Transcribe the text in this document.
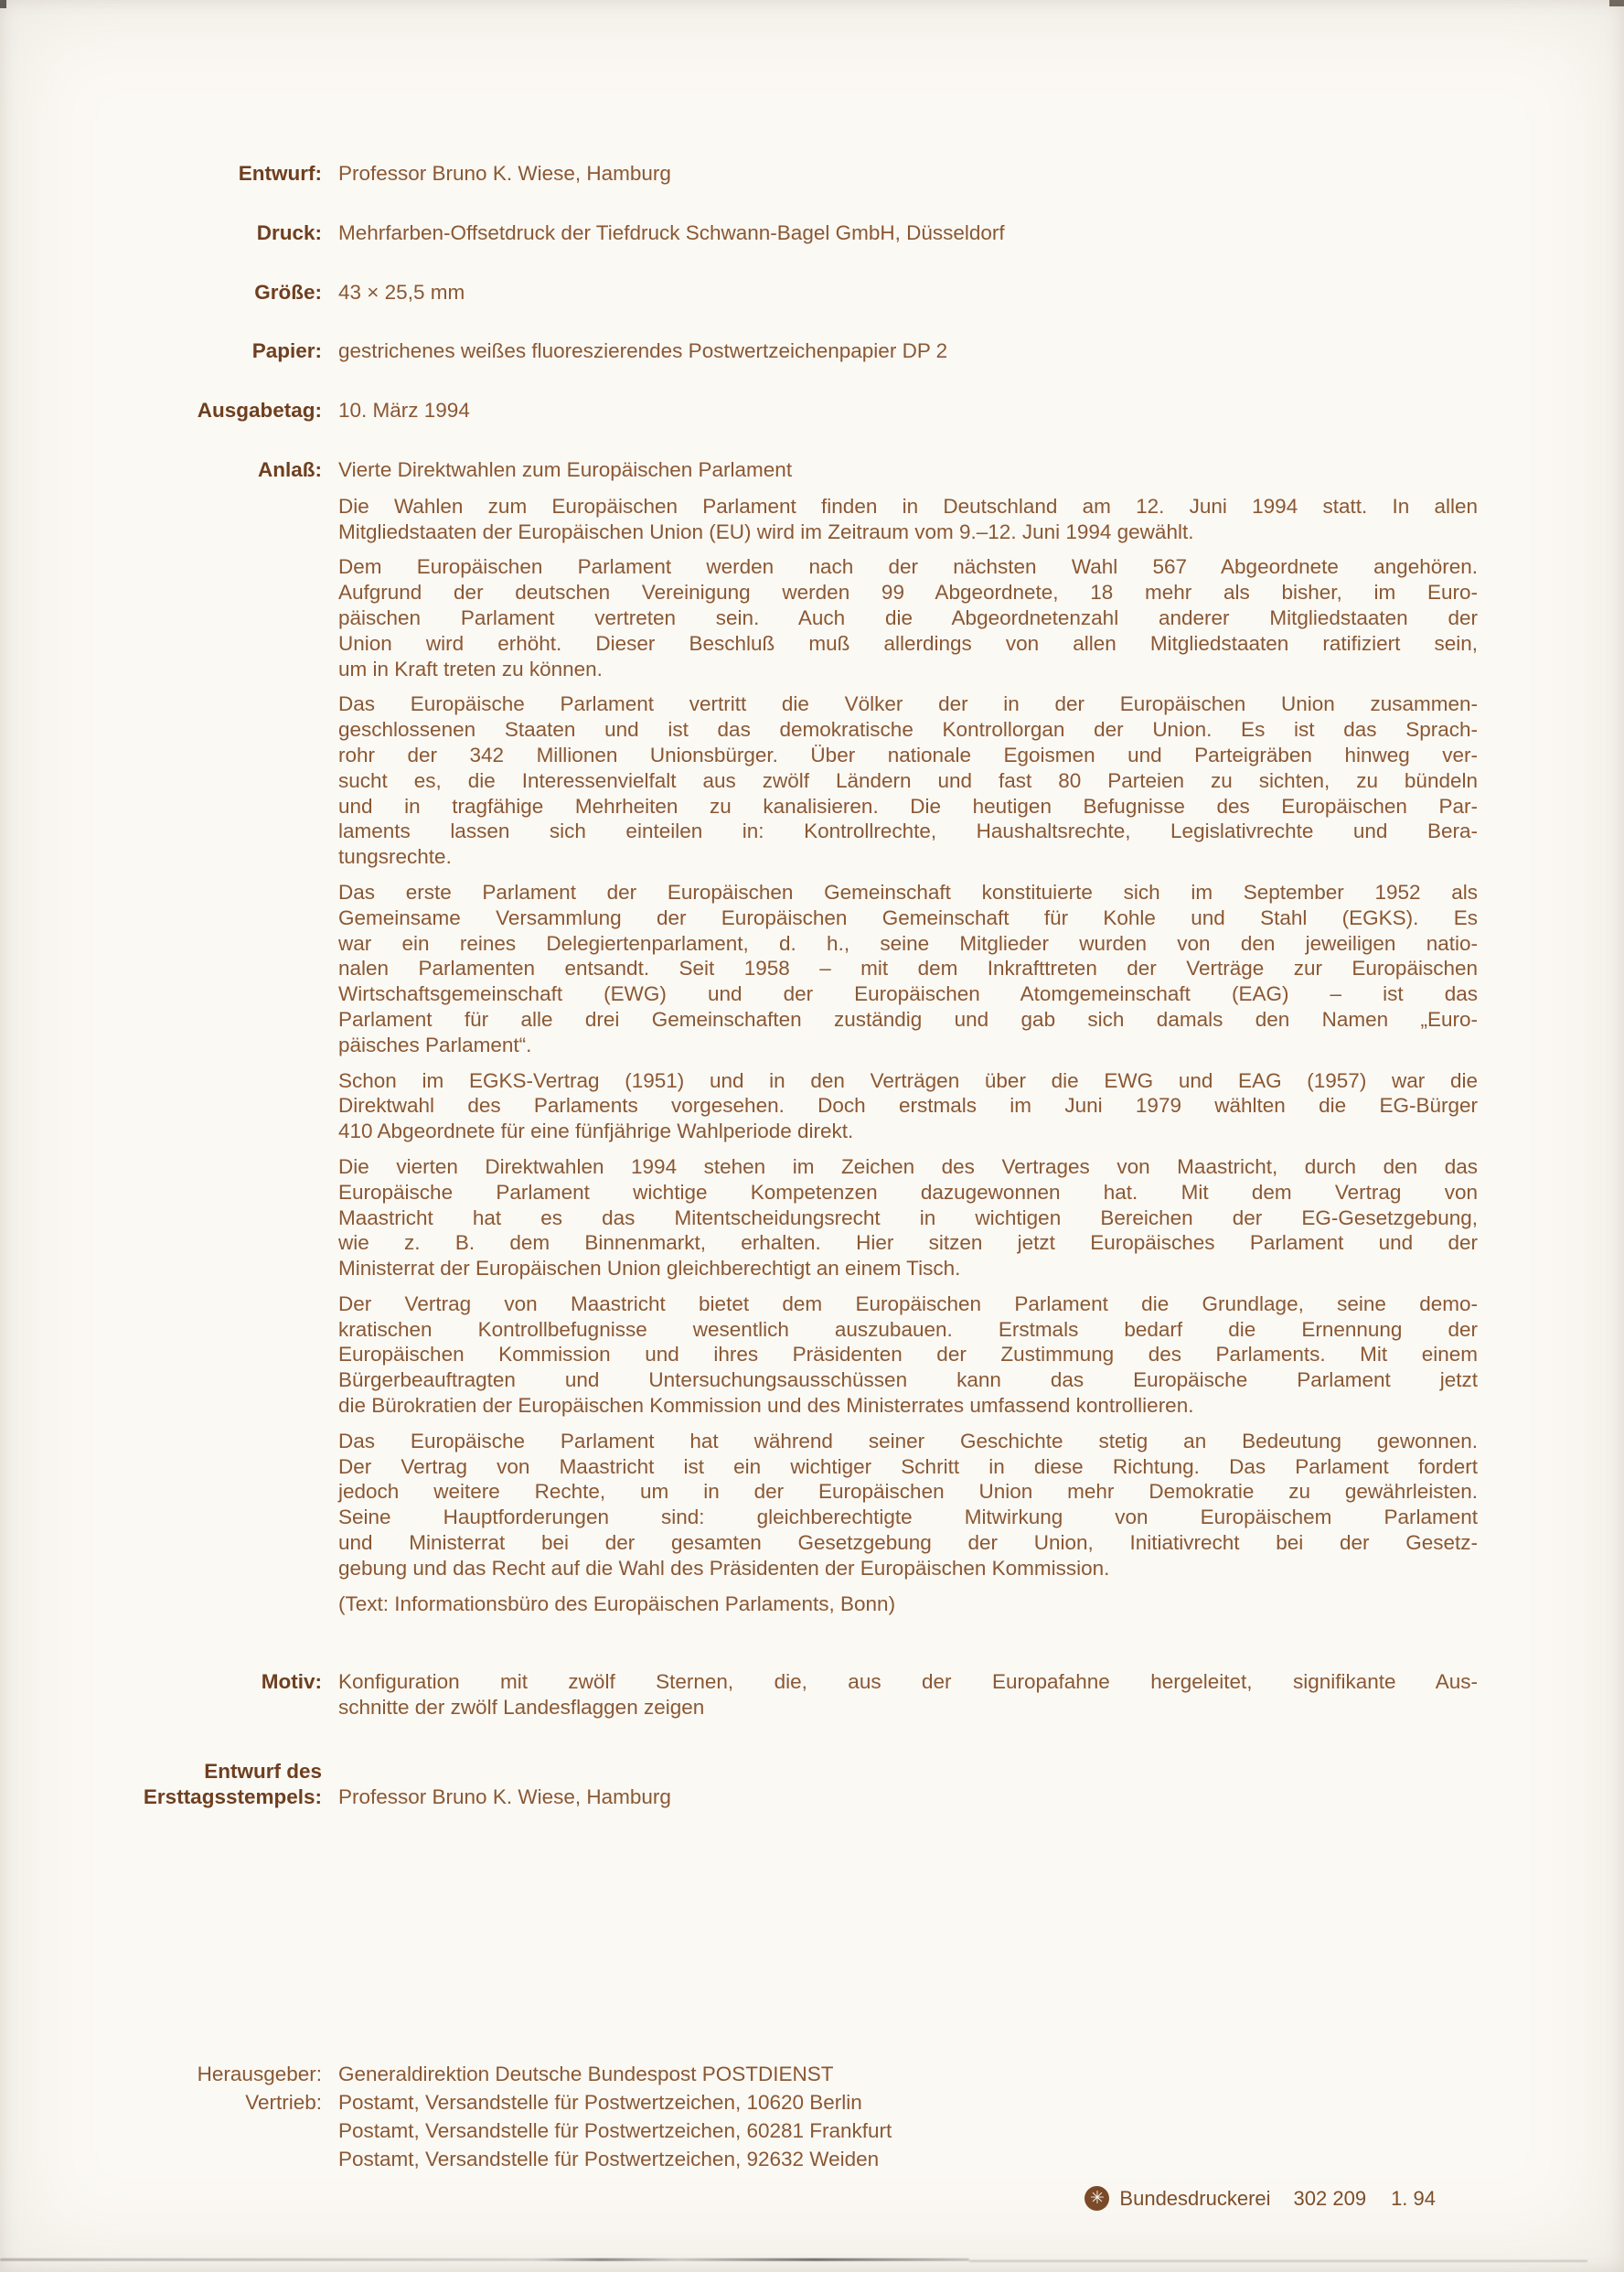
Entwurf: Professor Bruno K. Wiese, Hamburg
Druck: Mehrfarben-Offsetdruck der Tiefdruck Schwann-Bagel GmbH, Düsseldorf
Größe: 43 × 25,5 mm
Papier: gestrichenes weißes fluoreszierendes Postwertzeichenpapier DP 2
Ausgabetag: 10. März 1994
Anlaß: Vierte Direktwahlen zum Europäischen Parlament
Die Wahlen zum Europäischen Parlament finden in Deutschland am 12. Juni 1994 statt. In allen
Mitgliedstaaten der Europäischen Union (EU) wird im Zeitraum vom 9.–12. Juni 1994 gewählt.
Dem Europäischen Parlament werden nach der nächsten Wahl 567 Abgeordnete angehören.
Aufgrund der deutschen Vereinigung werden 99 Abgeordnete, 18 mehr als bisher, im Euro-
päischen Parlament vertreten sein. Auch die Abgeordnetenzahl anderer Mitgliedstaaten der
Union wird erhöht. Dieser Beschluß muß allerdings von allen Mitgliedstaaten ratifiziert sein,
um in Kraft treten zu können.
Das Europäische Parlament vertritt die Völker der in der Europäischen Union zusammen-
geschlossenen Staaten und ist das demokratische Kontrollorgan der Union. Es ist das Sprach-
rohr der 342 Millionen Unionsbürger. Über nationale Egoismen und Parteigräben hinweg ver-
sucht es, die Interessenvielfalt aus zwölf Ländern und fast 80 Parteien zu sichten, zu bündeln
und in tragfähige Mehrheiten zu kanalisieren. Die heutigen Befugnisse des Europäischen Par-
laments lassen sich einteilen in: Kontrollrechte, Haushaltsrechte, Legislativrechte und Bera-
tungsrechte.
Das erste Parlament der Europäischen Gemeinschaft konstituierte sich im September 1952 als
Gemeinsame Versammlung der Europäischen Gemeinschaft für Kohle und Stahl (EGKS). Es
war ein reines Delegiertenparlament, d. h., seine Mitglieder wurden von den jeweiligen natio-
nalen Parlamenten entsandt. Seit 1958 – mit dem Inkrafttreten der Verträge zur Europäischen
Wirtschaftsgemeinschaft (EWG) und der Europäischen Atomgemeinschaft (EAG) – ist das
Parlament für alle drei Gemeinschaften zuständig und gab sich damals den Namen „Euro-
päisches Parlament“.
Schon im EGKS-Vertrag (1951) und in den Verträgen über die EWG und EAG (1957) war die
Direktwahl des Parlaments vorgesehen. Doch erstmals im Juni 1979 wählten die EG-Bürger
410 Abgeordnete für eine fünfjährige Wahlperiode direkt.
Die vierten Direktwahlen 1994 stehen im Zeichen des Vertrages von Maastricht, durch den das
Europäische Parlament wichtige Kompetenzen dazugewonnen hat. Mit dem Vertrag von
Maastricht hat es das Mitentscheidungsrecht in wichtigen Bereichen der EG-Gesetzgebung,
wie z. B. dem Binnenmarkt, erhalten. Hier sitzen jetzt Europäisches Parlament und der
Ministerrat der Europäischen Union gleichberechtigt an einem Tisch.
Der Vertrag von Maastricht bietet dem Europäischen Parlament die Grundlage, seine demo-
kratischen Kontrollbefugnisse wesentlich auszubauen. Erstmals bedarf die Ernennung der
Europäischen Kommission und ihres Präsidenten der Zustimmung des Parlaments. Mit einem
Bürgerbeauftragten und Untersuchungsausschüssen kann das Europäische Parlament jetzt
die Bürokratien der Europäischen Kommission und des Ministerrates umfassend kontrollieren.
Das Europäische Parlament hat während seiner Geschichte stetig an Bedeutung gewonnen.
Der Vertrag von Maastricht ist ein wichtiger Schritt in diese Richtung. Das Parlament fordert
jedoch weitere Rechte, um in der Europäischen Union mehr Demokratie zu gewährleisten.
Seine Hauptforderungen sind: gleichberechtigte Mitwirkung von Europäischem Parlament
und Ministerrat bei der gesamten Gesetzgebung der Union, Initiativrecht bei der Gesetz-
gebung und das Recht auf die Wahl des Präsidenten der Europäischen Kommission.
(Text: Informationsbüro des Europäischen Parlaments, Bonn)
Motiv: Konfiguration mit zwölf Sternen, die, aus der Europafahne hergeleitet, signifikante Aus-
schnitte der zwölf Landesflaggen zeigen
Entwurf des
Ersttagsstempels: Professor Bruno K. Wiese, Hamburg
Herausgeber: Generaldirektion Deutsche Bundespost POSTDIENST
Vertrieb: Postamt, Versandstelle für Postwertzeichen, 10620 Berlin
Postamt, Versandstelle für Postwertzeichen, 60281 Frankfurt
Postamt, Versandstelle für Postwertzeichen, 92632 Weiden
✳ Bundesdruckerei 302 209 1. 94
